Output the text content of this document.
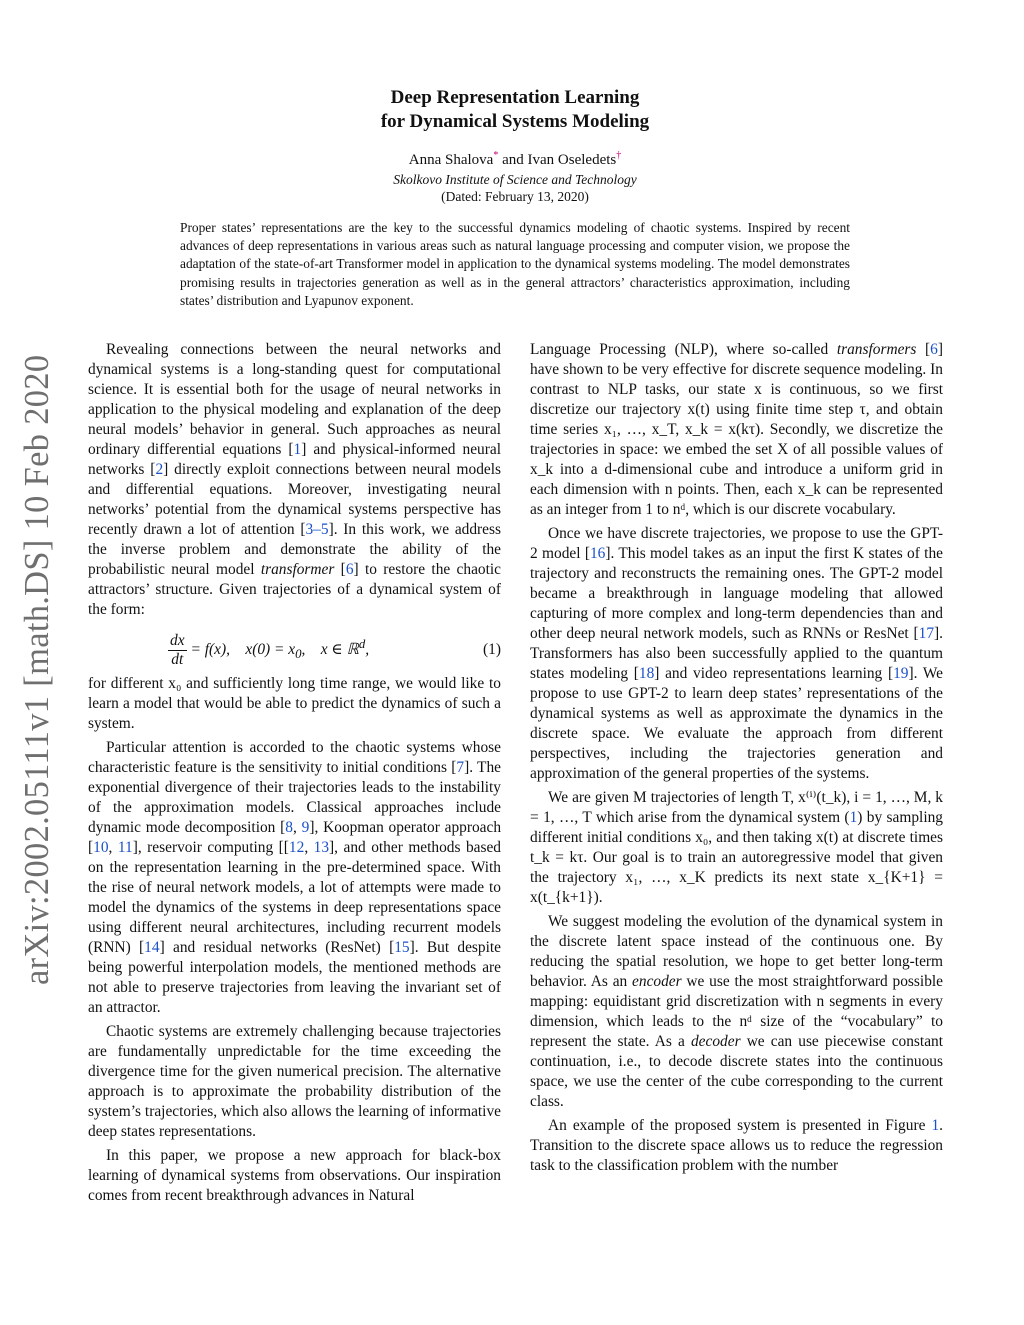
arXiv:2002.05111v1 [math.DS] 10 Feb 2020
Deep Representation Learning
for Dynamical Systems Modeling
Anna Shalova* and Ivan Oseledets†
Skolkovo Institute of Science and Technology
(Dated: February 13, 2020)
Proper states’ representations are the key to the successful dynamics modeling of chaotic systems. Inspired by recent advances of deep representations in various areas such as natural language processing and computer vision, we propose the adaptation of the state-of-art Transformer model in application to the dynamical systems modeling. The model demonstrates promising results in trajectories generation as well as in the general attractors’ characteristics approximation, including states’ distribution and Lyapunov exponent.

Revealing connections between the neural networks and dynamical systems is a long-standing quest for computational science. It is essential both for the usage of neural networks in application to the physical modeling and explanation of the deep neural models’ behavior in general. Such approaches as neural ordinary differential equations [1] and physical-informed neural networks [2] directly exploit connections between neural models and differential equations. Moreover, investigating neural networks’ potential from the dynamical systems perspective has recently drawn a lot of attention [3–5]. In this work, we address the inverse problem and demonstrate the ability of the probabilistic neural model transformer [6] to restore the chaotic attractors’ structure. Given trajectories of a dynamical system of the form:

$\frac{dx}{dt} = f(x)$,    $x(0) = x_0$,    x ∈ ℝ$^d$,	(1)

for different x₀ and sufficiently long time range, we would like to learn a model that would be able to predict the dynamics of such a system.

Particular attention is accorded to the chaotic systems whose characteristic feature is the sensitivity to initial conditions [7]. The exponential divergence of their trajectories leads to the instability of the approximation models. Classical approaches include dynamic mode decomposition [8, 9], Koopman operator approach [10, 11], reservoir computing [[12, 13], and other methods based on the representation learning in the pre-determined space. With the rise of neural network models, a lot of attempts were made to model the dynamics of the systems in deep representations space using different neural architectures, including recurrent models (RNN) [14] and residual networks (ResNet) [15]. But despite being powerful interpolation models, the mentioned methods are not able to preserve trajectories from leaving the invariant set of an attractor.

Chaotic systems are extremely challenging because trajectories are fundamentally unpredictable for the time exceeding the divergence time for the given numerical precision. The alternative approach is to approximate the probability distribution of the system’s trajectories, which also allows the learning of informative deep states representations.

In this paper, we propose a new approach for black-box learning of dynamical systems from observations. Our inspiration comes from recent breakthrough advances in Natural

Language Processing (NLP), where so-called transformers [6] have shown to be very effective for discrete sequence modeling. In contrast to NLP tasks, our state x is continuous, so we first discretize our trajectory x(t) using finite time step τ, and obtain time series x₁, …, x_T, x_k = x(kτ). Secondly, we discretize the trajectories in space: we embed the set X of all possible values of x_k into a d-dimensional cube and introduce a uniform grid in each dimension with n points. Then, each x_k can be represented as an integer from 1 to nᵈ, which is our discrete vocabulary.

Once we have discrete trajectories, we propose to use the GPT-2 model [16]. This model takes as an input the first K states of the trajectory and reconstructs the remaining ones. The GPT-2 model became a breakthrough in language modeling that allowed capturing of more complex and long-term dependencies than and other deep neural network models, such as RNNs or ResNet [17]. Transformers has also been successfully applied to the quantum states modeling [18] and video representations learning [19]. We propose to use GPT-2 to learn deep states’ representations of the dynamical systems as well as approximate the dynamics in the discrete space. We evaluate the approach from different perspectives, including the trajectories generation and approximation of the general properties of the systems.

We are given M trajectories of length T, x⁽ⁱ⁾(t_k), i = 1, …, M, k = 1, …, T which arise from the dynamical system (1) by sampling different initial conditions x₀, and then taking x(t) at discrete times t_k = kτ. Our goal is to train an autoregressive model that given the trajectory x₁, …, x_K predicts its next state x_{K+1} = x(t_{k+1}).

We suggest modeling the evolution of the dynamical system in the discrete latent space instead of the continuous one. By reducing the spatial resolution, we hope to get better long-term behavior. As an encoder we use the most straightforward possible mapping: equidistant grid discretization with n segments in every dimension, which leads to the nᵈ size of the “vocabulary” to represent the state. As a decoder we can use piecewise constant continuation, i.e., to decode discrete states into the continuous space, we use the center of the cube corresponding to the current class.

An example of the proposed system is presented in Figure 1. Transition to the discrete space allows us to reduce the regression task to the classification problem with the number
